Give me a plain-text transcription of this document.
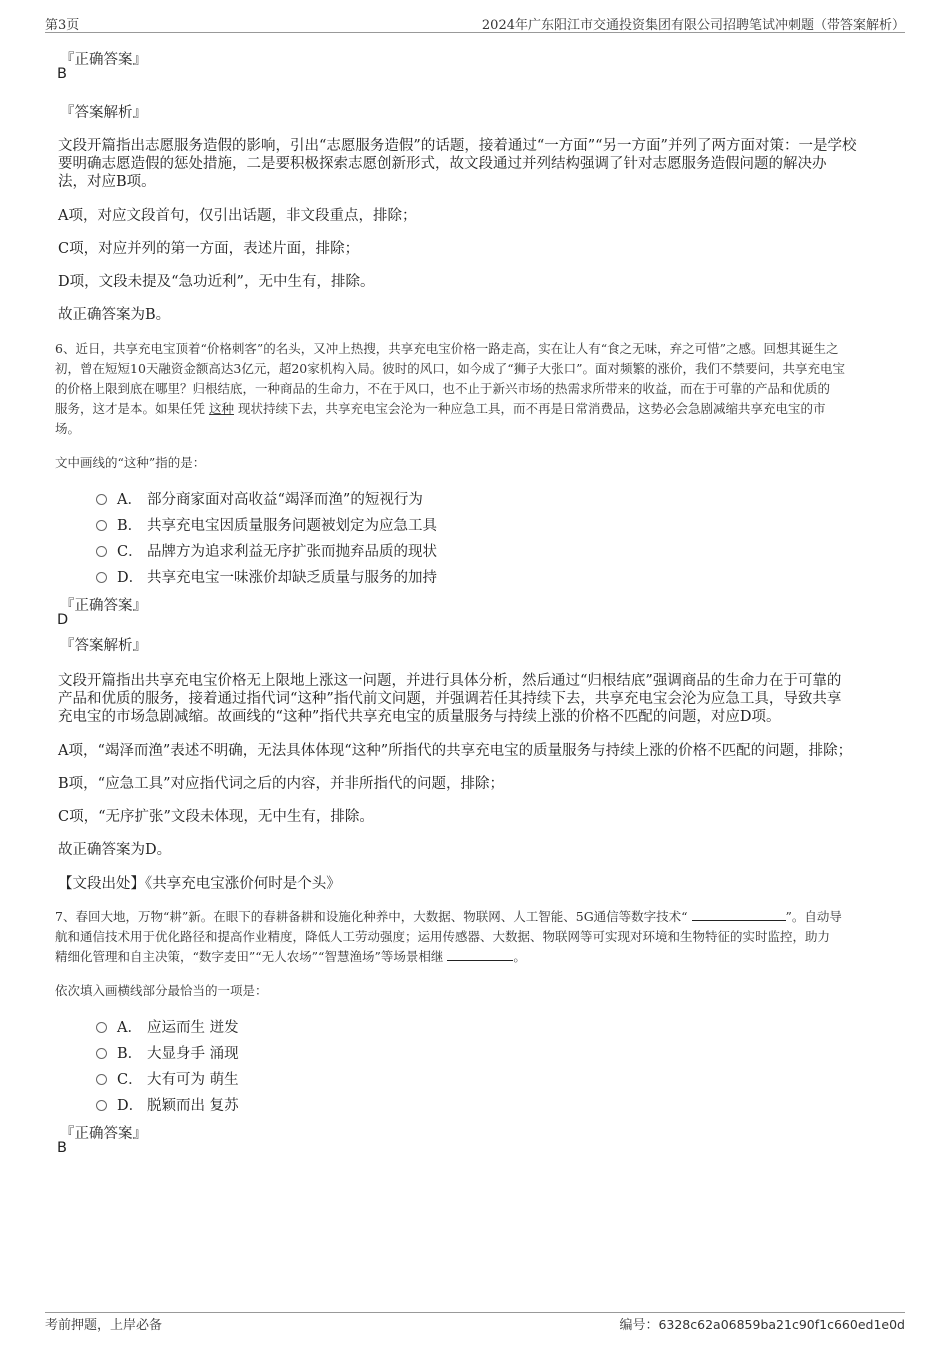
第3页	2024年广东阳江市交通投资集团有限公司招聘笔试冲刺题（带答案解析）
『正确答案』
B
『答案解析』
文段开篇指出志愿服务造假的影响，引出“志愿服务造假”的话题，接着通过“一方面”“另一方面”并列了两方面对策：一是学校
要明确志愿造假的惩处措施，二是要积极探索志愿创新形式，故文段通过并列结构强调了针对志愿服务造假问题的解决办
法，对应B项。
A项，对应文段首句，仅引出话题，非文段重点，排除；
C项，对应并列的第一方面，表述片面，排除；
D项，文段未提及“急功近利”，无中生有，排除。
故正确答案为B。
6、近日，共享充电宝顶着“价格刺客”的名头，又冲上热搜，共享充电宝价格一路走高，实在让人有“食之无味，弃之可惜”之感。回想其诞生之
初，曾在短短10天融资金额高达3亿元，超20家机构入局。彼时的风口，如今成了“狮子大张口”。面对频繁的涨价，我们不禁要问，共享充电宝
的价格上限到底在哪里？归根结底，一种商品的生命力，不在于风口，也不止于新兴市场的热需求所带来的收益，而在于可靠的产品和优质的
服务，这才是本。如果任凭 这种 现状持续下去，共享充电宝会沦为一种应急工具，而不再是日常消费品，这势必会急剧减缩共享充电宝的市
场。
文中画线的“这种”指的是：
A． 部分商家面对高收益“竭泽而渔”的短视行为
B． 共享充电宝因质量服务问题被划定为应急工具
C． 品牌方为追求利益无序扩张而抛弃品质的现状
D． 共享充电宝一味涨价却缺乏质量与服务的加持
『正确答案』
D
『答案解析』
文段开篇指出共享充电宝价格无上限地上涨这一问题，并进行具体分析，然后通过“归根结底”强调商品的生命力在于可靠的
产品和优质的服务，接着通过指代词“这种”指代前文问题，并强调若任其持续下去，共享充电宝会沦为应急工具，导致共享
充电宝的市场急剧减缩。故画线的“这种”指代共享充电宝的质量服务与持续上涨的价格不匹配的问题，对应D项。
A项，“竭泽而渔”表述不明确，无法具体体现“这种”所指代的共享充电宝的质量服务与持续上涨的价格不匹配的问题，排除；
B项，“应急工具”对应指代词之后的内容，并非所指代的问题，排除；
C项，“无序扩张”文段未体现，无中生有，排除。
故正确答案为D。
【文段出处】《共享充电宝涨价何时是个头》
7、春回大地，万物“耕”新。在眼下的春耕备耕和设施化种养中，大数据、物联网、人工智能、5G通信等数字技术“	”。自动导
航和通信技术用于优化路径和提高作业精度，降低人工劳动强度；运用传感器、大数据、物联网等可实现对环境和生物特征的实时监控，助力
精细化管理和自主决策，“数字麦田”“无人农场”“智慧渔场”等场景相继	。
依次填入画横线部分最恰当的一项是：
A． 应运而生 迸发
B． 大显身手 涌现
C． 大有可为 萌生
D． 脱颖而出 复苏
『正确答案』
B
考前押题，上岸必备	编号：6328c62a06859ba21c90f1c660ed1e0d
